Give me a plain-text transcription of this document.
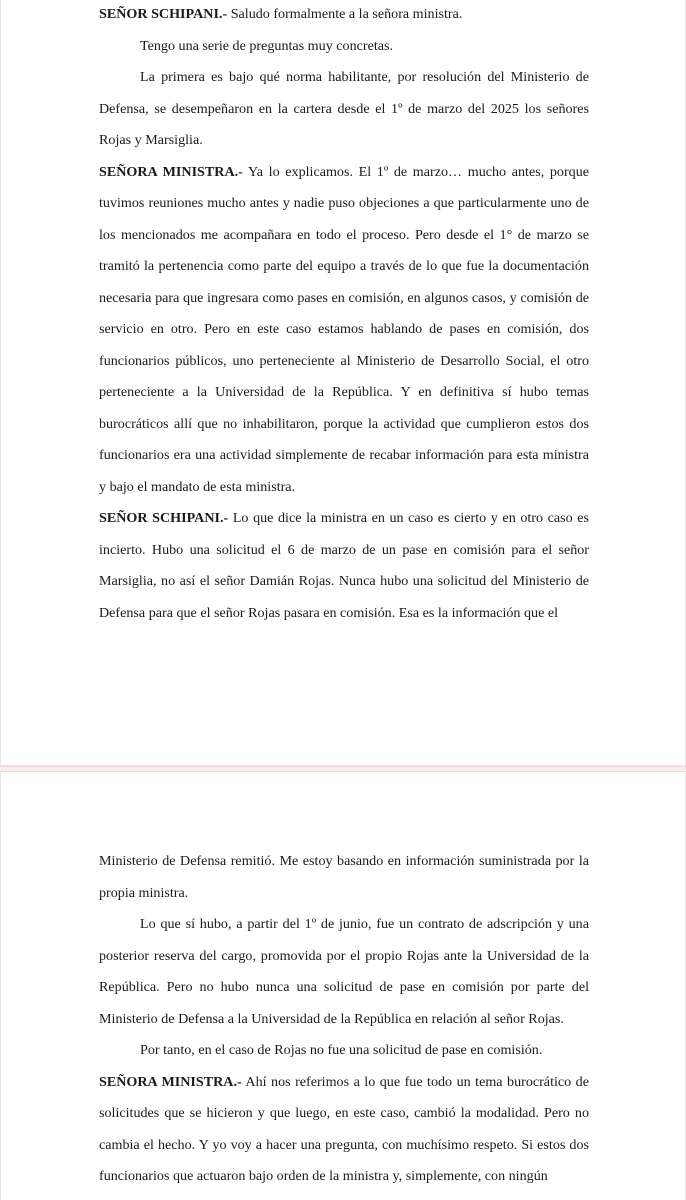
SEÑOR SCHIPANI.- Saludo formalmente a la señora ministra.

Tengo una serie de preguntas muy concretas.

La primera es bajo qué norma habilitante, por resolución del Ministerio de Defensa, se desempeñaron en la cartera desde el 1º de marzo del 2025 los señores Rojas y Marsiglia.

SEÑORA MINISTRA.- Ya lo explicamos. El 1º de marzo… mucho antes, porque tuvimos reuniones mucho antes y nadie puso objeciones a que particularmente uno de los mencionados me acompañara en todo el proceso. Pero desde el 1° de marzo se tramitó la pertenencia como parte del equipo a través de lo que fue la documentación necesaria para que ingresara como pases en comisión, en algunos casos, y comisión de servicio en otro. Pero en este caso estamos hablando de pases en comisión, dos funcionarios públicos, uno perteneciente al Ministerio de Desarrollo Social, el otro perteneciente a la Universidad de la República. Y en definitiva sí hubo temas burocráticos allí que no inhabilitaron, porque la actividad que cumplieron estos dos funcionarios era una actividad simplemente de recabar información para esta ministra y bajo el mandato de esta ministra.

SEÑOR SCHIPANI.- Lo que dice la ministra en un caso es cierto y en otro caso es incierto. Hubo una solicitud el 6 de marzo de un pase en comisión para el señor Marsiglia, no así el señor Damián Rojas. Nunca hubo una solicitud del Ministerio de Defensa para que el señor Rojas pasara en comisión. Esa es la información que el

Ministerio de Defensa remitió. Me estoy basando en información suministrada por la propia ministra.

Lo que sí hubo, a partir del 1º de junio, fue un contrato de adscripción y una posterior reserva del cargo, promovida por el propio Rojas ante la Universidad de la República. Pero no hubo nunca una solicitud de pase en comisión por parte del Ministerio de Defensa a la Universidad de la República en relación al señor Rojas.

Por tanto, en el caso de Rojas no fue una solicitud de pase en comisión.

SEÑORA MINISTRA.- Ahí nos referimos a lo que fue todo un tema burocrático de solicitudes que se hicieron y que luego, en este caso, cambió la modalidad. Pero no cambia el hecho. Y yo voy a hacer una pregunta, con muchísimo respeto. Si estos dos funcionarios que actuaron bajo orden de la ministra y, simplemente, con ningún
